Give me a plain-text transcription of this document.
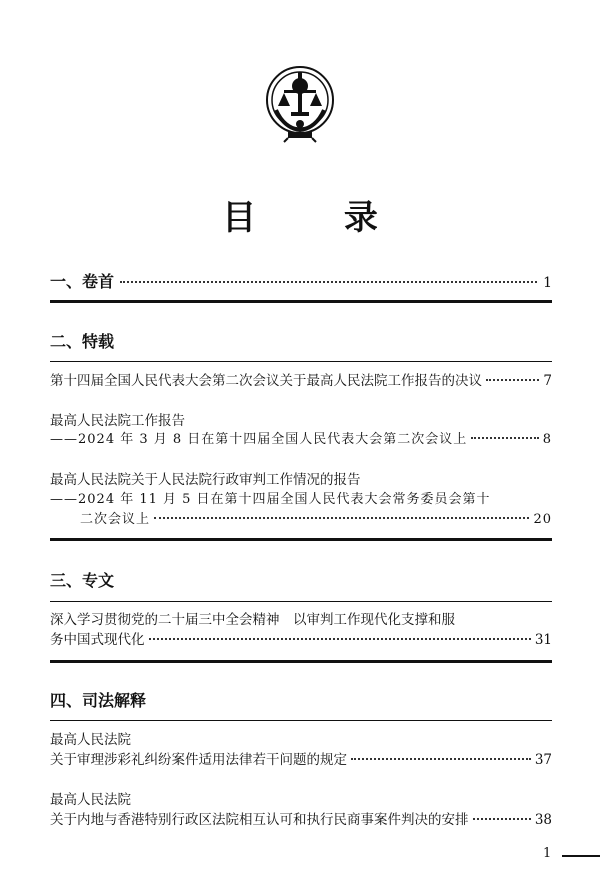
目 录
一、卷首	1
二、特载
第十四届全国人民代表大会第二次会议关于最高人民法院工作报告的决议	7
最高人民法院工作报告
——2024 年 3 月 8 日在第十四届全国人民代表大会第二次会议上	8
最高人民法院关于人民法院行政审判工作情况的报告
——2024 年 11 月 5 日在第十四届全国人民代表大会常务委员会第十
二次会议上	20
三、专文
深入学习贯彻党的二十届三中全会精神　以审判工作现代化支撑和服
务中国式现代化	31
四、司法解释
最高人民法院
关于审理涉彩礼纠纷案件适用法律若干问题的规定	37
最高人民法院
关于内地与香港特别行政区法院相互认可和执行民商事案件判决的安排	38
1
